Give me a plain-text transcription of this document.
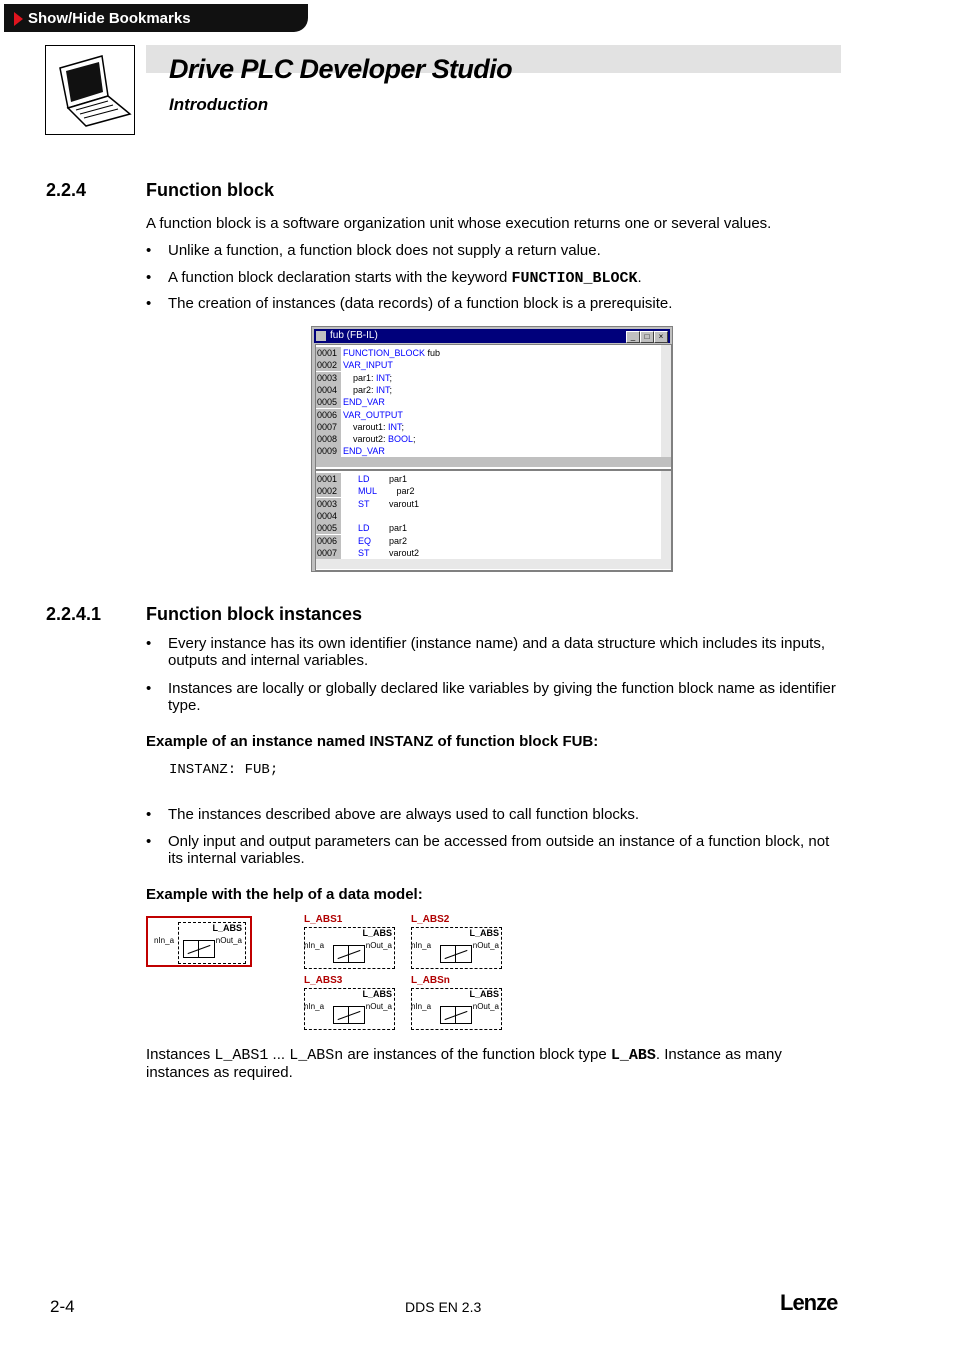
Show/Hide Bookmarks
Drive PLC Developer Studio
Introduction
2.2.4	Function block
A function block is a software organization unit whose execution returns one or several values.
• Unlike a function, a function block does not supply a return value.
• A function block declaration starts with the keyword FUNCTION_BLOCK.
• The creation of instances (data records) of a function block is a prerequisite.
fub (FB-IL)	_	□	×
0001 FUNCTION_BLOCK fub
0002 VAR_INPUT
0003 par1: INT;
0004 par2: INT;
0005 END_VAR
0006 VAR_OUTPUT
0007 varout1: INT;
0008 varout2: BOOL;
0009 END_VAR
0001	LD par1
0002	MUL par2
0003	ST varout1
0004
0005	LD par1
0006	EQ par2
0007	ST varout2
2.2.4.1 Function block instances
• Every instance has its own identifier (instance name) and a data structure which includes its inputs, outputs and internal variables.
• Instances are locally or globally declared like variables by giving the function block name as identifier type.
Example of an instance named INSTANZ of function block FUB:
INSTANZ: FUB;
• The instances described above are always used to call function blocks.
• Only input and output parameters can be accessed from outside an instance of a function block, not its internal variables.
Example with the help of a data model:
L_ABS
nIn_a	nOut_a
L_ABS1
L_ABS
nIn_a	nOut_a
L_ABS2
L_ABS
nIn_a	nOut_a
L_ABS3
L_ABS
nIn_a	nOut_a
L_ABSn
L_ABS
nIn_a	nOut_a
Instances L_ABS1 ... L_ABSn are instances of the function block type L_ABS. Instance as many instances as required.
2-4	DDS EN 2.3	Lenze
